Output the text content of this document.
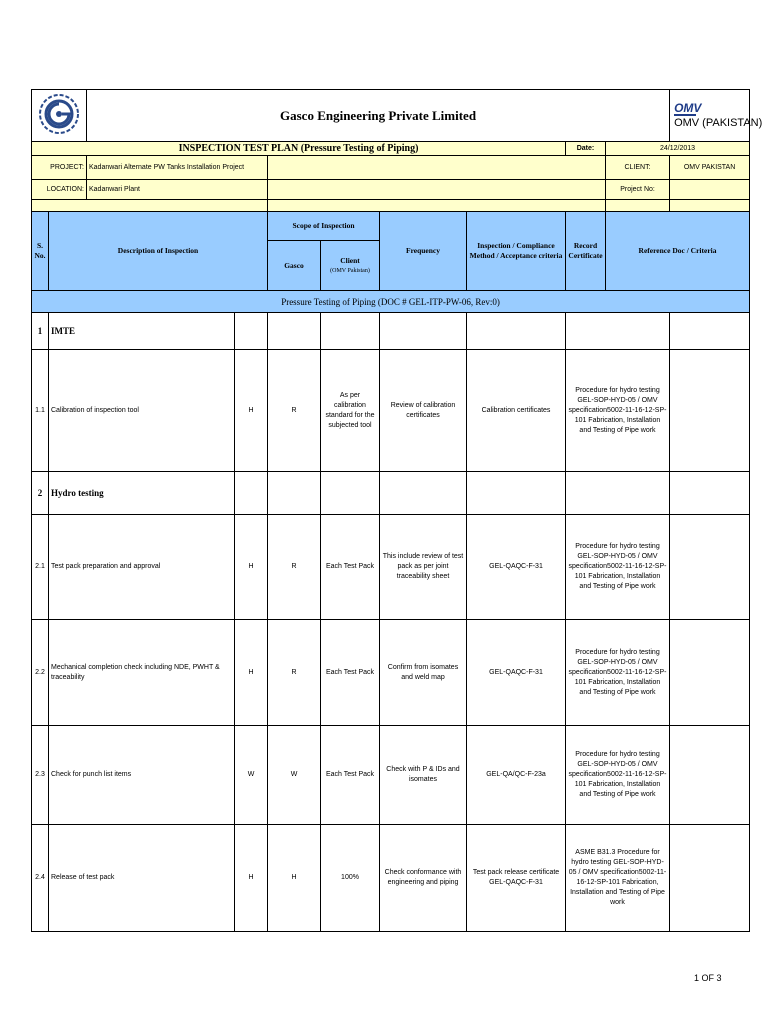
	Gasco Engineering Private Limited							OMV
OMV (PAKISTAN)	

INSPECTION TEST PLAN (Pressure Testing of Piping)							Date:	24/12/2013		
PROJECT:		Kadanwari Alternate PW Tanks Installation Project						CLIENT:	OMV PAKISTAN	
LOCATION:		Kadanwari Plant						Project No:		

S. No.	Description of Inspection		Scope of Inspection		Frequency	Inspection / Compliance Method / Acceptance criteria	Record Certificate	Reference Doc / Criteria	
			Gasco	Client
(OMV Pakistan)						

Pressure Testing of Piping (DOC # GEL-ITP-PW-06, Rev:0)										
1	IMTE							
1.1	Calibration of inspection tool	H	R	As per calibration standard for the subjected tool	Review of calibration certificates	Calibration certificates	Procedure for hydro testing GEL-SOP-HYD-05 / OMV specification5002-11-16-12-SP-101 Fabrication, Installation and Testing of Pipe work	
2	Hydro testing							
2.1	Test pack preparation and approval	H	R	Each Test Pack	This include review of test pack as per joint traceability sheet	GEL-QAQC-F-31	Procedure for hydro testing GEL-SOP-HYD-05 / OMV specification5002-11-16-12-SP-101 Fabrication, Installation and Testing of Pipe work	
2.2	Mechanical completion check including NDE, PWHT & traceability	H	R	Each Test Pack	Confirm from isomates and weld map	GEL-QAQC-F-31	Procedure for hydro testing GEL-SOP-HYD-05 / OMV specification5002-11-16-12-SP-101 Fabrication, Installation and Testing of Pipe work	
2.3	Check for punch list items	W	W	Each Test Pack	Check with P & IDs and isomates	GEL-QA/QC-F-23a	Procedure for hydro testing GEL-SOP-HYD-05 / OMV specification5002-11-16-12-SP-101 Fabrication, Installation and Testing of Pipe work	
2.4	Release of test pack	H	H	100%	Check conformance with engineering and piping	Test pack release certificate GEL-QAQC-F-31	ASME B31.3 Procedure for hydro testing GEL-SOP-HYD-05 / OMV specification5002-11-16-12-SP-101 Fabrication, Installation and Testing of Pipe work	
1 OF 3
